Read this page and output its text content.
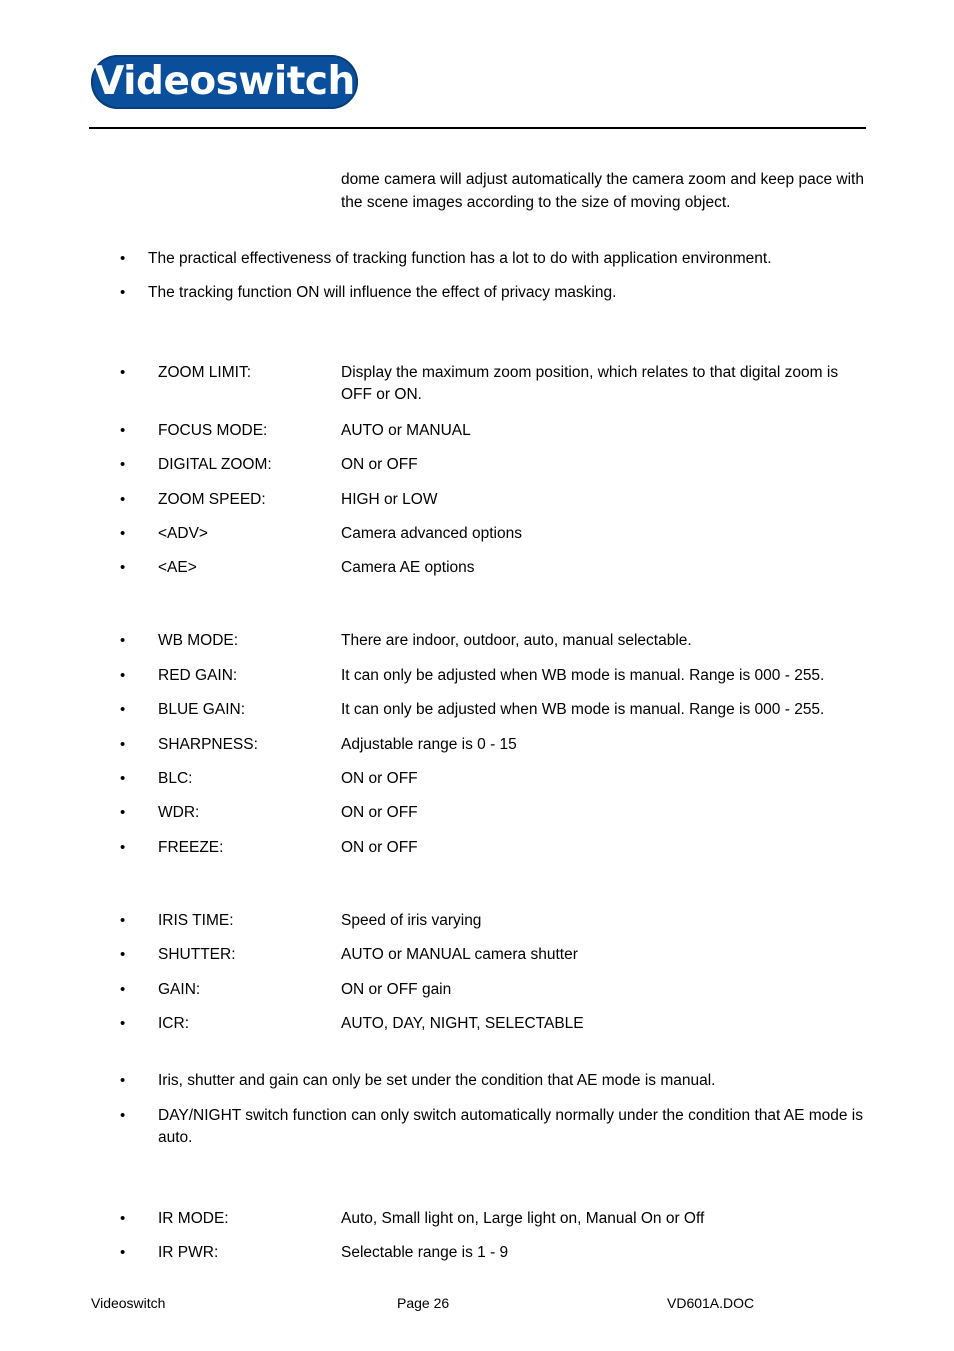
Videoswitch

dome camera will adjust automatically the camera zoom and keep pace with the scene images according to the size of moving object.

• The practical effectiveness of tracking function has a lot to do with application environment.
• The tracking function ON will influence the effect of privacy masking.
ZOOM LIMIT:	Display the maximum zoom position, which relates to that digital zoom is OFF or ON.
FOCUS MODE:	AUTO or MANUAL
DIGITAL ZOOM:	ON or OFF
ZOOM SPEED:	HIGH or LOW
<ADV>	Camera advanced options
<AE>	Camera AE options
WB MODE:	There are indoor, outdoor, auto, manual selectable.
RED GAIN:	It can only be adjusted when WB mode is manual. Range is 000 - 255.
BLUE GAIN:	It can only be adjusted when WB mode is manual. Range is 000 - 255.
SHARPNESS:	Adjustable range is 0 - 15
BLC:	ON or OFF
WDR:	ON or OFF
FREEZE:	ON or OFF
IRIS TIME:	Speed of iris varying
SHUTTER:	AUTO or MANUAL camera shutter
GAIN:	ON or OFF gain
ICR:	AUTO, DAY, NIGHT, SELECTABLE
• Iris, shutter and gain can only be set under the condition that AE mode is manual.
• DAY/NIGHT switch function can only switch automatically normally under the condition that AE mode is auto.
IR MODE:	Auto, Small light on, Large light on, Manual On or Off
IR PWR:	Selectable range is 1 - 9
Videoswitch	Page 26	VD601A.DOC
